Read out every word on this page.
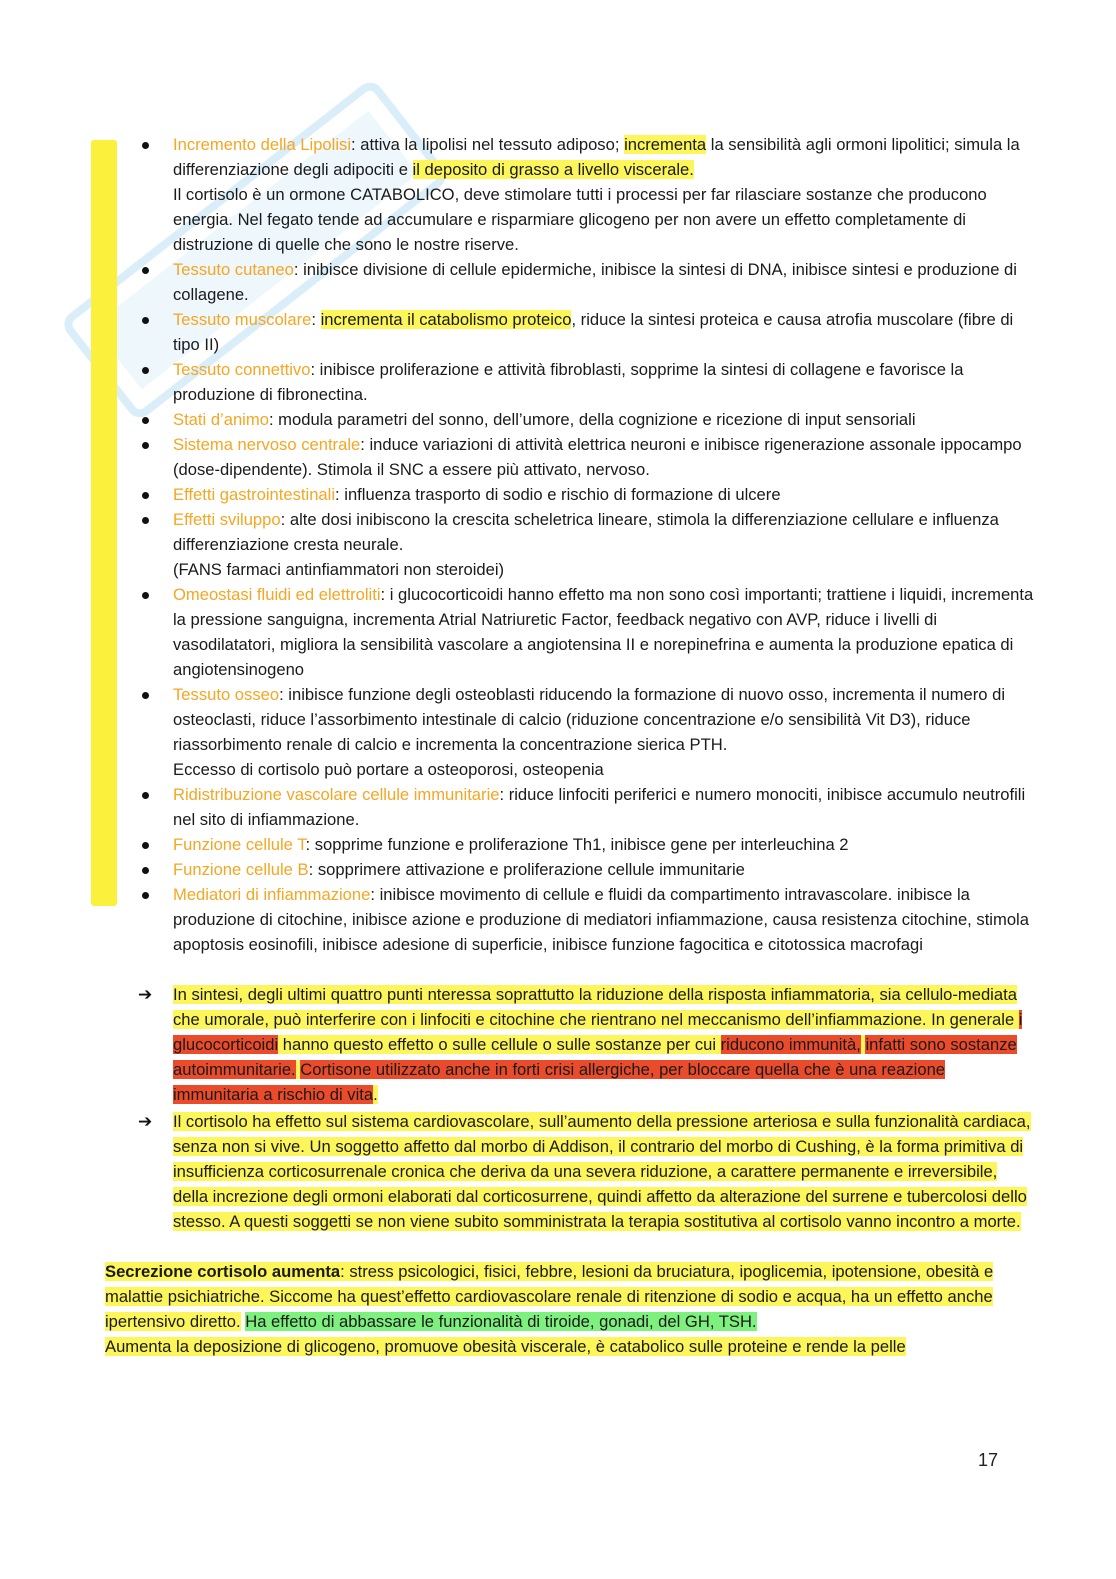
Incremento della Lipolisi: attiva la lipolisi nel tessuto adiposo; incrementa la sensibilità agli ormoni lipolitici; simula la differenziazione degli adipociti e il deposito di grasso a livello viscerale.
Il cortisolo è un ormone CATABOLICO, deve stimolare tutti i processi per far rilasciare sostanze che producono energia. Nel fegato tende ad accumulare e risparmiare glicogeno per non avere un effetto completamente di distruzione di quelle che sono le nostre riserve.
Tessuto cutaneo: inibisce divisione di cellule epidermiche, inibisce la sintesi di DNA, inibisce sintesi e produzione di collagene.
Tessuto muscolare: incrementa il catabolismo proteico, riduce la sintesi proteica e causa atrofia muscolare (fibre di tipo II)
Tessuto connettivo: inibisce proliferazione e attività fibroblasti, sopprime la sintesi di collagene e favorisce la produzione di fibronectina.
Stati d’animo: modula parametri del sonno, dell’umore, della cognizione e ricezione di input sensoriali
Sistema nervoso centrale: induce variazioni di attività elettrica neuroni e inibisce rigenerazione assonale ippocampo (dose-dipendente). Stimola il SNC a essere più attivato, nervoso.
Effetti gastrointestinali: influenza trasporto di sodio e rischio di formazione di ulcere
Effetti sviluppo: alte dosi inibiscono la crescita scheletrica lineare, stimola la differenziazione cellulare e influenza differenziazione cresta neurale.
(FANS farmaci antinfiammatori non steroidei)
Omeostasi fluidi ed elettroliti: i glucocorticoidi hanno effetto ma non sono così importanti; trattiene i liquidi, incrementa la pressione sanguigna, incrementa Atrial Natriuretic Factor, feedback negativo con AVP, riduce i livelli di vasodilatatori, migliora la sensibilità vascolare a angiotensina II e norepinefrina e aumenta la produzione epatica di angiotensinogeno
Tessuto osseo: inibisce funzione degli osteoblasti riducendo la formazione di nuovo osso, incrementa il numero di osteoclasti, riduce l’assorbimento intestinale di calcio (riduzione concentrazione e/o sensibilità Vit D3), riduce riassorbimento renale di calcio e incrementa la concentrazione sierica PTH.
Eccesso di cortisolo può portare a osteoporosi, osteopenia
Ridistribuzione vascolare cellule immunitarie: riduce linfociti periferici e numero monociti, inibisce accumulo neutrofili nel sito di infiammazione.
Funzione cellule T: sopprime funzione e proliferazione Th1, inibisce gene per interleuchina 2
Funzione cellule B: sopprimere attivazione e proliferazione cellule immunitarie
Mediatori di infiammazione: inibisce movimento di cellule e fluidi da compartimento intravascolare. inibisce la produzione di citochine, inibisce azione e produzione di mediatori infiammazione, causa resistenza citochine, stimola apoptosis eosinofili, inibisce adesione di superficie, inibisce funzione fagocitica e citotossica macrofagi
➔ In sintesi, degli ultimi quattro punti nteressa soprattutto la riduzione della risposta infiammatoria, sia cellulo-mediata che umorale, può interferire con i linfociti e citochine che rientrano nel meccanismo dell’infiammazione. In generale i glucocorticoidi hanno questo effetto o sulle cellule o sulle sostanze per cui riducono immunità, infatti sono sostanze autoimmunitarie. Cortisone utilizzato anche in forti crisi allergiche, per bloccare quella che è una reazione immunitaria a rischio di vita.
➔ Il cortisolo ha effetto sul sistema cardiovascolare, sull’aumento della pressione arteriosa e sulla funzionalità cardiaca, senza non si vive. Un soggetto affetto dal morbo di Addison, il contrario del morbo di Cushing, è la forma primitiva di insufficienza corticosurrenale cronica che deriva da una severa riduzione, a carattere permanente e irreversibile, della increzione degli ormoni elaborati dal corticosurrene, quindi affetto da alterazione del surrene e tubercolosi dello stesso. A questi soggetti se non viene subito somministrata la terapia sostitutiva al cortisolo vanno incontro a morte.

Secrezione cortisolo aumenta: stress psicologici, fisici, febbre, lesioni da bruciatura, ipoglicemia, ipotensione, obesità e malattie psichiatriche. Siccome ha quest’effetto cardiovascolare renale di ritenzione di sodio e acqua, ha un effetto anche ipertensivo diretto. Ha effetto di abbassare le funzionalità di tiroide, gonadi, del GH, TSH.
Aumenta la deposizione di glicogeno, promuove obesità viscerale, è catabolico sulle proteine e rende la pelle

17
